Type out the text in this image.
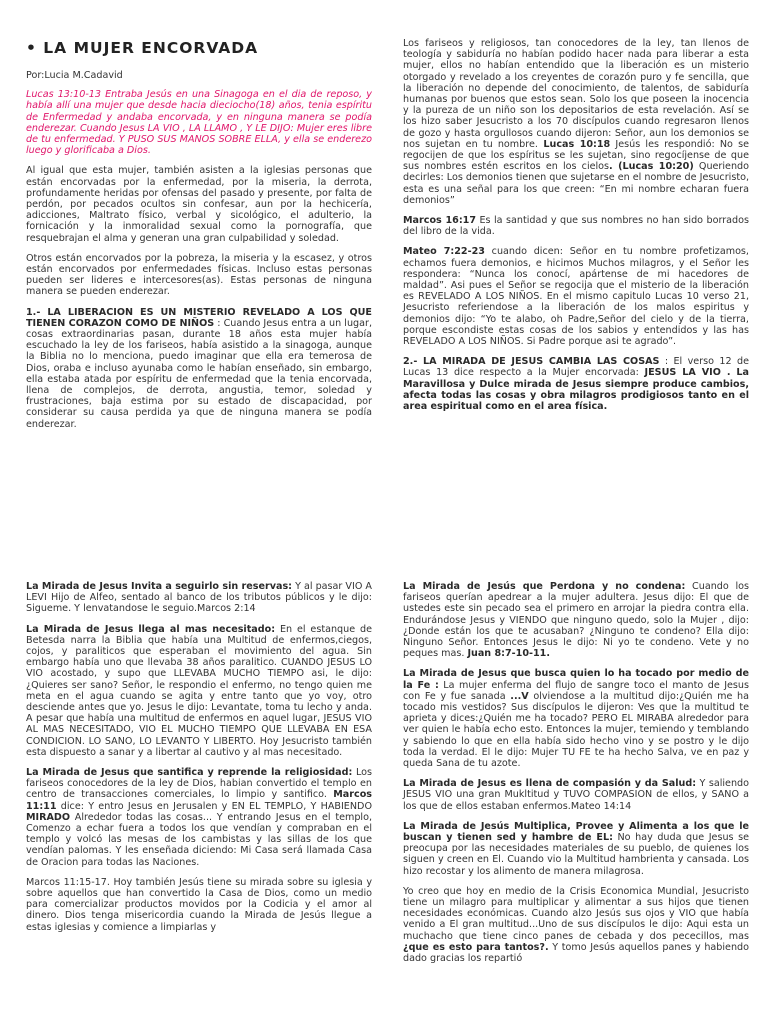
• LA MUJER ENCORVADA

Por:Lucia M.Cadavid

Lucas 13:10-13 Entraba Jesús en una Sinagoga en el dia de reposo, y había allí una mujer que desde hacia dieciocho(18) años, tenia espíritu de Enfermedad y andaba encorvada, y en ninguna manera se podía enderezar. Cuando Jesus LA VIO , LA LLAMO , Y LE DIJO: Mujer eres libre de tu enfermedad. Y PUSO SUS MANOS SOBRE ELLA, y ella se enderezo luego y glorificaba a Dios.

Al igual que esta mujer, también asisten a la iglesias personas que están encorvadas por la enfermedad, por la miseria, la derrota, profundamente heridas por ofensas del pasado y presente, por falta de perdón, por pecados ocultos sin confesar, aun por la hechicería, adicciones, Maltrato físico, verbal y sicológico, el adulterio, la fornicación y la inmoralidad sexual como la pornografía, que resquebrajan el alma y generan una gran culpabilidad y soledad.

Otros están encorvados por la pobreza, la miseria y la escasez, y otros están encorvados por enfermedades físicas. Incluso estas personas pueden ser lideres e intercesores(as). Estas personas de ninguna manera se pueden enderezar.

1.- LA LIBERACION ES UN MISTERIO REVELADO A LOS QUE TIENEN CORAZON COMO DE NIÑOS : Cuando Jesus entra a un lugar, cosas extraordinarias pasan, durante 18 años esta mujer había escuchado la ley de los fariseos, había asistido a la sinagoga, aunque la Biblia no lo menciona, puedo imaginar que ella era temerosa de Dios, oraba e incluso ayunaba como le habían enseñado, sin embargo, ella estaba atada por espíritu de enfermedad que la tenia encorvada, llena de complejos, de derrota, angustia, temor, soledad y frustraciones, baja estima por su estado de discapacidad, por considerar su causa perdida ya que de ninguna manera se podía enderezar.

Los fariseos y religiosos, tan conocedores de la ley, tan llenos de teología y sabiduría no habían podido hacer nada para liberar a esta mujer, ellos no habían entendido que la liberación es un misterio otorgado y revelado a los creyentes de corazón puro y fe sencilla, que la liberación no depende del conocimiento, de talentos, de sabiduría humanas por buenos que estos sean. Solo los que poseen la inocencia y la pureza de un niño son los depositarios de esta revelación. Así se los hizo saber Jesucristo a los 70 discípulos cuando regresaron llenos de gozo y hasta orgullosos cuando dijeron: Señor, aun los demonios se nos sujetan en tu nombre. Lucas 10:18 Jesús les respondió: No se regocijen de que los espíritus se les sujetan, sino regocíjense de que sus nombres estén escritos en los cielos. (Lucas 10:20) Queriendo decirles: Los demonios tienen que sujetarse en el nombre de Jesucristo, esta es una señal para los que creen: “En mi nombre echaran fuera demonios”

Marcos 16:17 Es la santidad y que sus nombres no han sido borrados del libro de la vida.

Mateo 7:22-23 cuando dicen: Señor en tu nombre profetizamos, echamos fuera demonios, e hicimos Muchos milagros, y el Señor les respondera: “Nunca los conocí, apártense de mi hacedores de maldad”. Asi pues el Señor se regocija que el misterio de la liberación es REVELADO A LOS NIÑOS. En el mismo capitulo Lucas 10 verso 21, Jesucristo referiendose a la liberación de los malos espiritus y demonios dijo: “Yo te alabo, oh Padre,Señor del cielo y de la tierra, porque escondiste estas cosas de los sabios y entendidos y las has REVELADO A LOS NIÑOS. Si Padre porque asi te agrado”.

2.- LA MIRADA DE JESUS CAMBIA LAS COSAS : El verso 12 de Lucas 13 dice respecto a la Mujer encorvada: JESUS LA VIO . La Maravillosa y Dulce mirada de Jesus siempre produce cambios, afecta todas las cosas y obra milagros prodigiosos tanto en el area espiritual como en el area física.

La Mirada de Jesus Invita a seguirlo sin reservas: Y al pasar VIO A LEVI Hijo de Alfeo, sentado al banco de los tributos públicos y le dijo: Sigueme. Y lenvatandose le seguio.Marcos 2:14

La Mirada de Jesus llega al mas necesitado: En el estanque de Betesda narra la Biblia que había una Multitud de enfermos,ciegos, cojos, y paraliticos que esperaban el movimiento del agua. Sin embargo había uno que llevaba 38 años paralitico. CUANDO JESUS LO VIO acostado, y supo que LLEVABA MUCHO TIEMPO asi, le dijo: ¿Quieres ser sano? Señor, le respondio el enfermo, no tengo quien me meta en el agua cuando se agita y entre tanto que yo voy, otro desciende antes que yo. Jesus le dijo: Levantate, toma tu lecho y anda. A pesar que había una multitud de enfermos en aquel lugar, JESUS VIO AL MAS NECESITADO, VIO EL MUCHO TIEMPO QUE LLEVABA EN ESA CONDICION. LO SANO, LO LEVANTO Y LIBERTO. Hoy Jesucristo también esta dispuesto a sanar y a libertar al cautivo y al mas necesitado.

La Mirada de Jesus que santifica y reprende la religiosidad: Los fariseos conocedores de la ley de Dios, habian convertido el templo en centro de transacciones comerciales, lo limpio y santifico. Marcos 11:11 dice: Y entro Jesus en Jerusalen y EN EL TEMPLO, Y HABIENDO MIRADO Alrededor todas las cosas... Y entrando Jesus en el templo, Comenzo a echar fuera a todos los que vendían y compraban en el templo y volcó las mesas de los cambistas y las sillas de los que vendían palomas. Y les enseñada diciendo: Mi Casa será llamada Casa de Oracion para todas las Naciones.

Marcos 11:15-17. Hoy también Jesús tiene su mirada sobre su iglesia y sobre aquellos que han convertido la Casa de Dios, como un medio para comercializar productos movidos por la Codicia y el amor al dinero. Dios tenga misericordia cuando la Mirada de Jesús llegue a estas iglesias y comience a limpiarlas y

La Mirada de Jesús que Perdona y no condena: Cuando los fariseos querían apedrear a la mujer adultera. Jesus dijo: El que de ustedes este sin pecado sea el primero en arrojar la piedra contra ella. Endurándose Jesus y VIENDO que ninguno quedo, solo la Mujer , dijo: ¿Donde están los que te acusaban? ¿Ninguno te condeno? Ella dijo: Ninguno Señor. Entonces Jesus le dijo: Ni yo te condeno. Vete y no peques mas. Juan 8:7-10-11.

La Mirada de Jesus que busca quien lo ha tocado por medio de la Fe : La mujer enferma del flujo de sangre toco el manto de Jesus con Fe y fue sanada ...V olviendose a la multitud dijo:¿Quién me ha tocado mis vestidos? Sus discípulos le dijeron: Ves que la multitud te aprieta y dices:¿Quién me ha tocado? PERO EL MIRABA alrededor para ver quien le había echo esto. Entonces la mujer, temiendo y temblando y sabiendo lo que en ella había sido hecho vino y se postro y le dijo toda la verdad. El le dijo: Mujer TU FE te ha hecho Salva, ve en paz y queda Sana de tu azote.

La Mirada de Jesus es llena de compasión y da Salud: Y saliendo JESUS VIO una gran Mukltitud y TUVO COMPASION de ellos, y SANO a los que de ellos estaban enfermos.Mateo 14:14

La Mirada de Jesús Multiplica, Provee y Alimenta a los que le buscan y tienen sed y hambre de EL: No hay duda que Jesus se preocupa por las necesidades materiales de su pueblo, de quienes los siguen y creen en El. Cuando vio la Multitud hambrienta y cansada. Los hizo recostar y los alimento de manera milagrosa.

Yo creo que hoy en medio de la Crisis Economica Mundial, Jesucristo tiene un milagro para multiplicar y alimentar a sus hijos que tienen necesidades económicas. Cuando alzo Jesús sus ojos y VIO que había venido a El gran multitud...Uno de sus discípulos le dijo: Aqui esta un muchacho que tiene cinco panes de cebada y dos pececillos, mas ¿que es esto para tantos?. Y tomo Jesús aquellos panes y habiendo dado gracias los repartió
